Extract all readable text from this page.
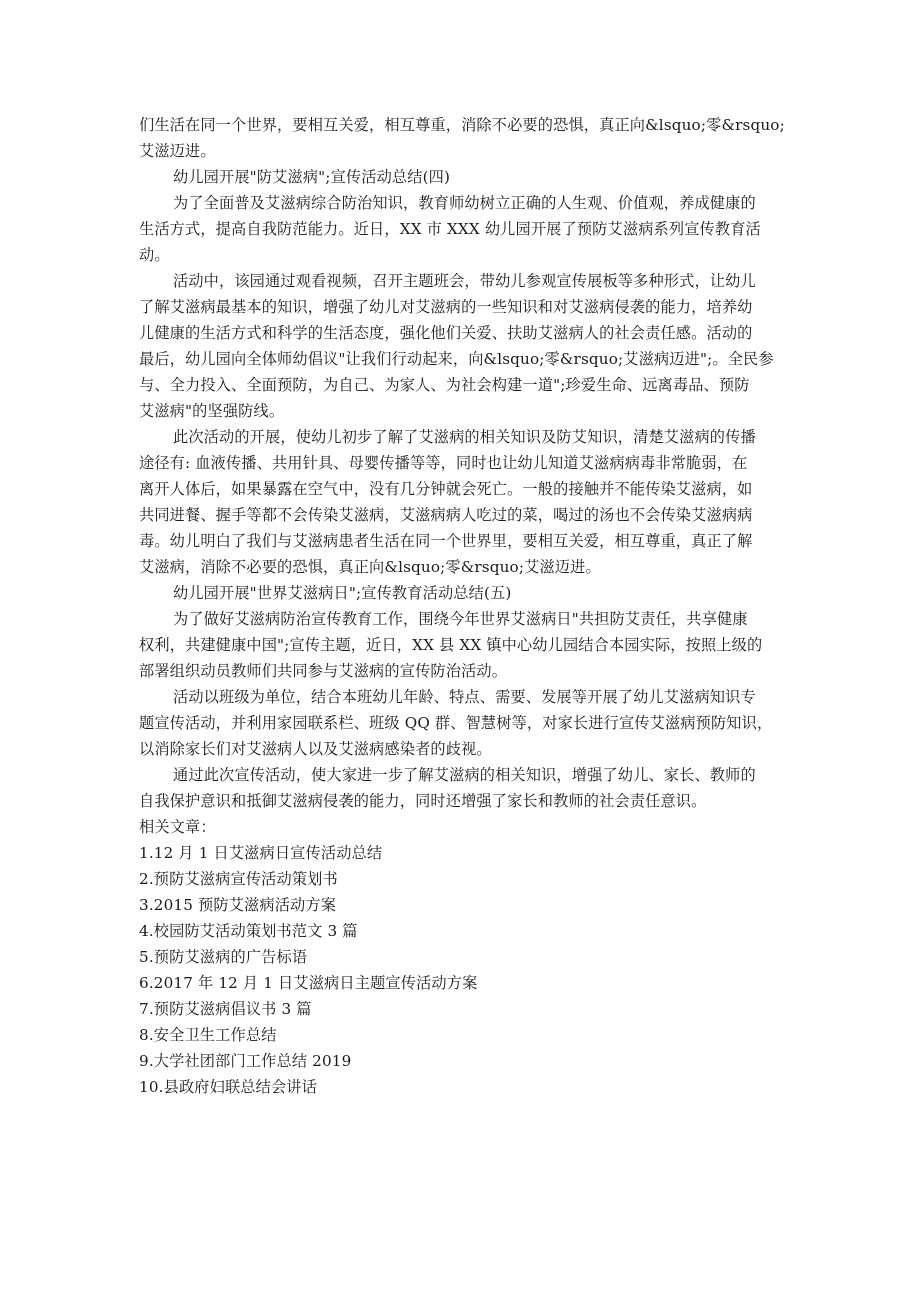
们生活在同一个世界，要相互关爱，相互尊重，消除不必要的恐惧，真正向&lsquo;零&rsquo;
艾滋迈进。
幼儿园开展"防艾滋病";宣传活动总结(四)
为了全面普及艾滋病综合防治知识，教育师幼树立正确的人生观、价值观，养成健康的
生活方式，提高自我防范能力。近日，XX 市 XXX 幼儿园开展了预防艾滋病系列宣传教育活
动。
活动中，该园通过观看视频，召开主题班会，带幼儿参观宣传展板等多种形式，让幼儿
了解艾滋病最基本的知识，增强了幼儿对艾滋病的一些知识和对艾滋病侵袭的能力，培养幼
儿健康的生活方式和科学的生活态度，强化他们关爱、扶助艾滋病人的社会责任感。活动的
最后，幼儿园向全体师幼倡议"让我们行动起来，向&lsquo;零&rsquo;艾滋病迈进";。全民参
与、全力投入、全面预防，为自己、为家人、为社会构建一道";珍爱生命、远离毒品、预防
艾滋病"的坚强防线。
此次活动的开展，使幼儿初步了解了艾滋病的相关知识及防艾知识，清楚艾滋病的传播
途径有: 血液传播、共用针具、母婴传播等等，同时也让幼儿知道艾滋病病毒非常脆弱，在
离开人体后，如果暴露在空气中，没有几分钟就会死亡。一般的接触并不能传染艾滋病，如
共同进餐、握手等都不会传染艾滋病，艾滋病病人吃过的菜，喝过的汤也不会传染艾滋病病
毒。幼儿明白了我们与艾滋病患者生活在同一个世界里，要相互关爱，相互尊重，真正了解
艾滋病，消除不必要的恐惧，真正向&lsquo;零&rsquo;艾滋迈进。
幼儿园开展"世界艾滋病日";宣传教育活动总结(五)
为了做好艾滋病防治宣传教育工作，围绕今年世界艾滋病日"共担防艾责任，共享健康
权利，共建健康中国";宣传主题，近日，XX 县 XX 镇中心幼儿园结合本园实际，按照上级的
部署组织动员教师们共同参与艾滋病的宣传防治活动。
活动以班级为单位，结合本班幼儿年龄、特点、需要、发展等开展了幼儿艾滋病知识专
题宣传活动，并利用家园联系栏、班级 QQ 群、智慧树等，对家长进行宣传艾滋病预防知识，
以消除家长们对艾滋病人以及艾滋病感染者的歧视。
通过此次宣传活动，使大家进一步了解艾滋病的相关知识，增强了幼儿、家长、教师的
自我保护意识和抵御艾滋病侵袭的能力，同时还增强了家长和教师的社会责任意识。
相关文章：
1.12 月 1 日艾滋病日宣传活动总结
2.预防艾滋病宣传活动策划书
3.2015 预防艾滋病活动方案
4.校园防艾活动策划书范文 3 篇
5.预防艾滋病的广告标语
6.2017 年 12 月 1 日艾滋病日主题宣传活动方案
7.预防艾滋病倡议书 3 篇
8.安全卫生工作总结
9.大学社团部门工作总结 2019
10.县政府妇联总结会讲话
